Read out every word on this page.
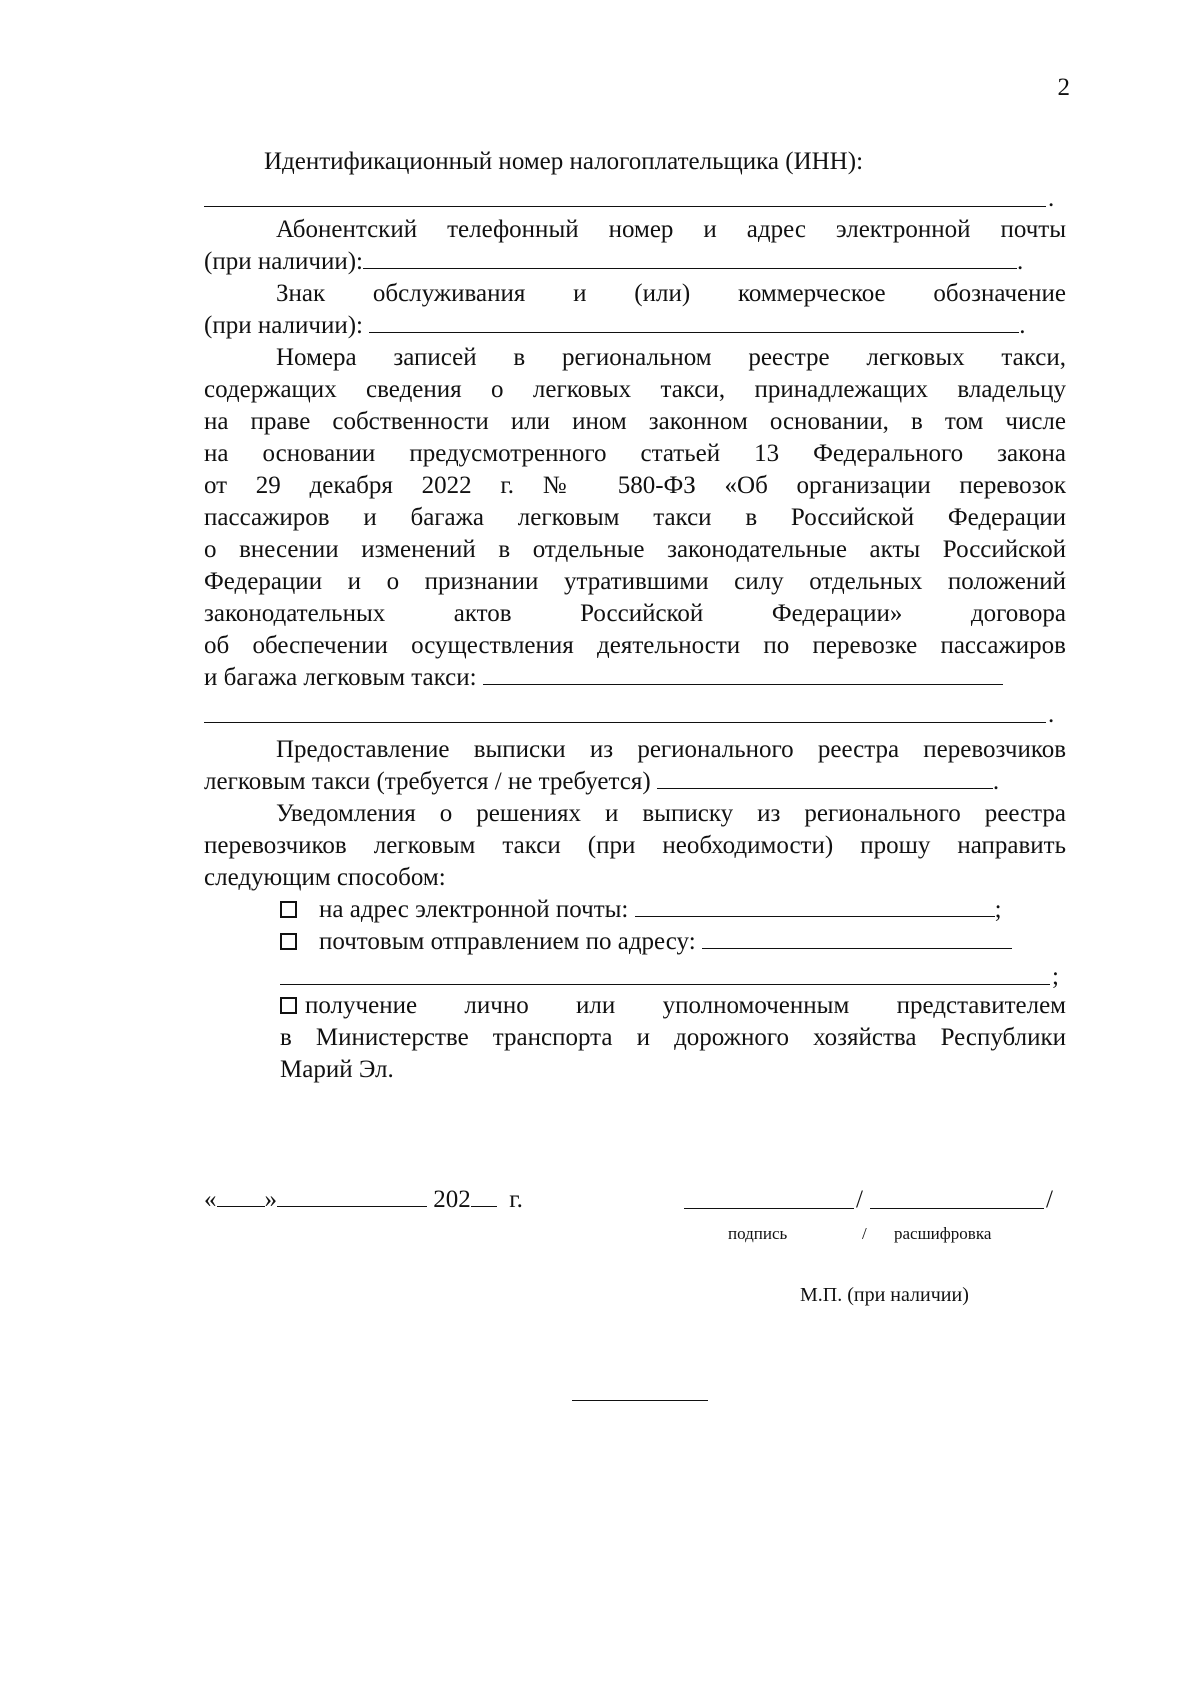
2
Идентификационный номер налогоплательщика (ИНН):
.
Абонентский телефонный номер и адрес электронной почты
(при наличии):	.
Знак обслуживания и (или) коммерческое обозначение
(при наличии):	.
Номера записей в региональном реестре легковых такси,
содержащих сведения о легковых такси, принадлежащих владельцу
на праве собственности или ином законном основании, в том числе
на основании предусмотренного статьей 13 Федерального закона
от 29 декабря 2022 г. № 580-ФЗ «Об организации перевозок
пассажиров и багажа легковым такси в Российской Федерации
о внесении изменений в отдельные законодательные акты Российской
Федерации и о признании утратившими силу отдельных положений
законодательных актов Российской Федерации» договора
об обеспечении осуществления деятельности по перевозке пассажиров
и багажа легковым такси:
.
Предоставление выписки из регионального реестра перевозчиков
легковым такси (требуется / не требуется)	.
Уведомления о решениях и выписку из регионального реестра
перевозчиков легковым такси (при необходимости) прошу направить
следующим способом:
на адрес электронной почты:	;
почтовым отправлением по адресу:
;
получение лично или уполномоченным представителем
в Министерстве транспорта и дорожного хозяйства Республики
Марий Эл.
« »	202 г.	/	/
подпись	/ расшифровка
М.П. (при наличии)
